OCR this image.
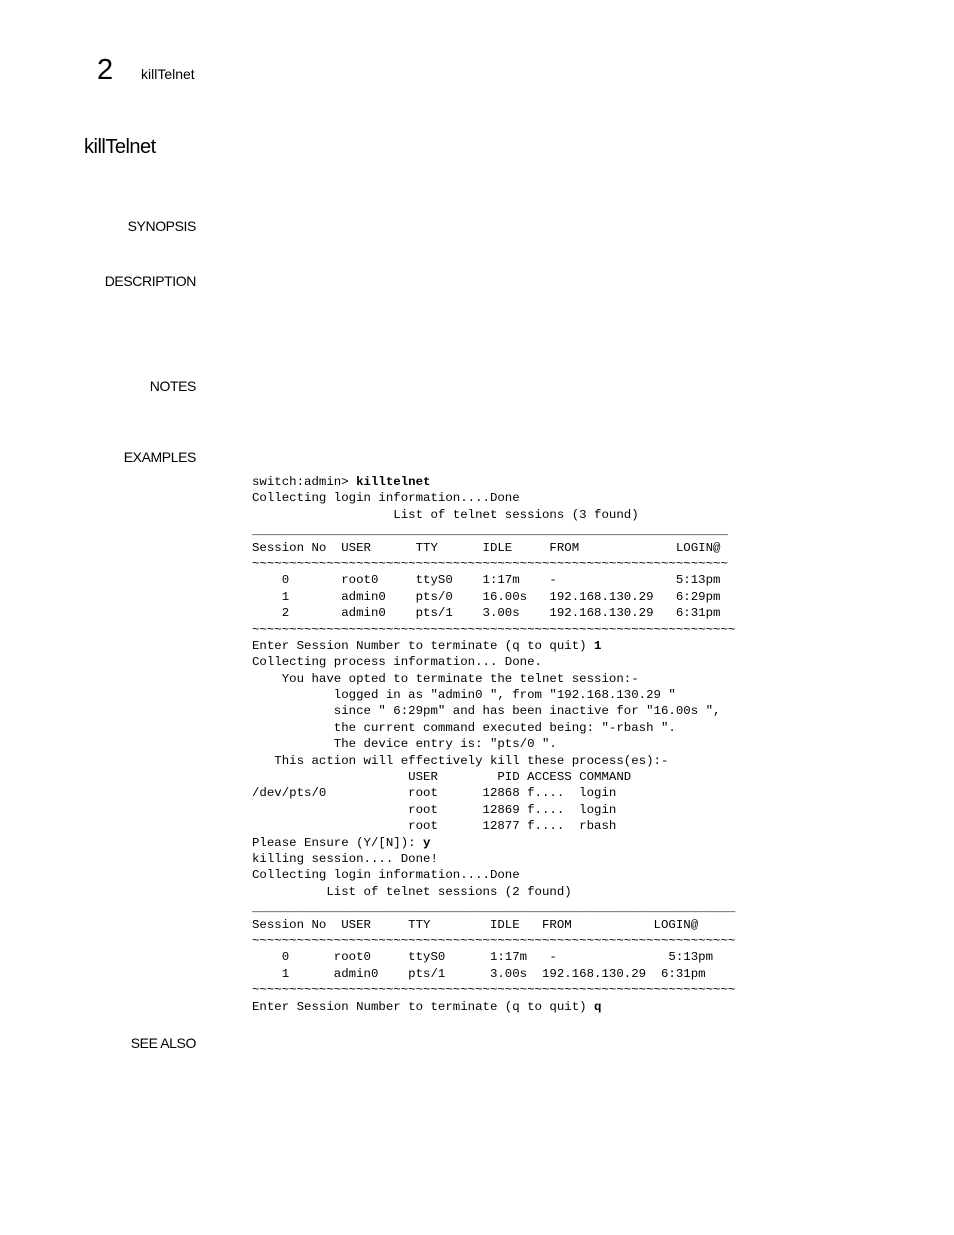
2 killTelnet
killTelnet
SYNOPSIS
DESCRIPTION
NOTES
EXAMPLES
switch:admin> killtelnet
Collecting login information....Done
List of telnet sessions (3 found)
________________________________________________________________
Session No  USER      TTY      IDLE     FROM             LOGIN@
~~~~~~~~~~~~~~~~~~~~~~~~~~~~~~~~~~~~~~~~~~~~~~~~~~~~~~~~~~~~~~~~
0       root0     ttyS0    1:17m    -                5:13pm
1       admin0    pts/0    16.00s   192.168.130.29   6:29pm
2       admin0    pts/1    3.00s    192.168.130.29   6:31pm
~~~~~~~~~~~~~~~~~~~~~~~~~~~~~~~~~~~~~~~~~~~~~~~~~~~~~~~~~~~~~~~~~
Enter Session Number to terminate (q to quit) 1
Collecting process information... Done.
You have opted to terminate the telnet session:-
logged in as "admin0 ", from "192.168.130.29 "
since " 6:29pm" and has been inactive for "16.00s ",
the current command executed being: "-rbash ".
The device entry is: "pts/0 ".
This action will effectively kill these process(es):-
USER        PID ACCESS COMMAND
/dev/pts/0           root      12868 f....  login
root      12869 f....  login
root      12877 f....  rbash
Please Ensure (Y/[N]): y
killing session.... Done!
Collecting login information....Done
List of telnet sessions (2 found)
_________________________________________________________________
Session No  USER     TTY        IDLE   FROM           LOGIN@
~~~~~~~~~~~~~~~~~~~~~~~~~~~~~~~~~~~~~~~~~~~~~~~~~~~~~~~~~~~~~~~~~
0      root0     ttyS0      1:17m   -               5:13pm
1      admin0    pts/1      3.00s  192.168.130.29  6:31pm
~~~~~~~~~~~~~~~~~~~~~~~~~~~~~~~~~~~~~~~~~~~~~~~~~~~~~~~~~~~~~~~~~
Enter Session Number to terminate (q to quit) q
SEE ALSO
